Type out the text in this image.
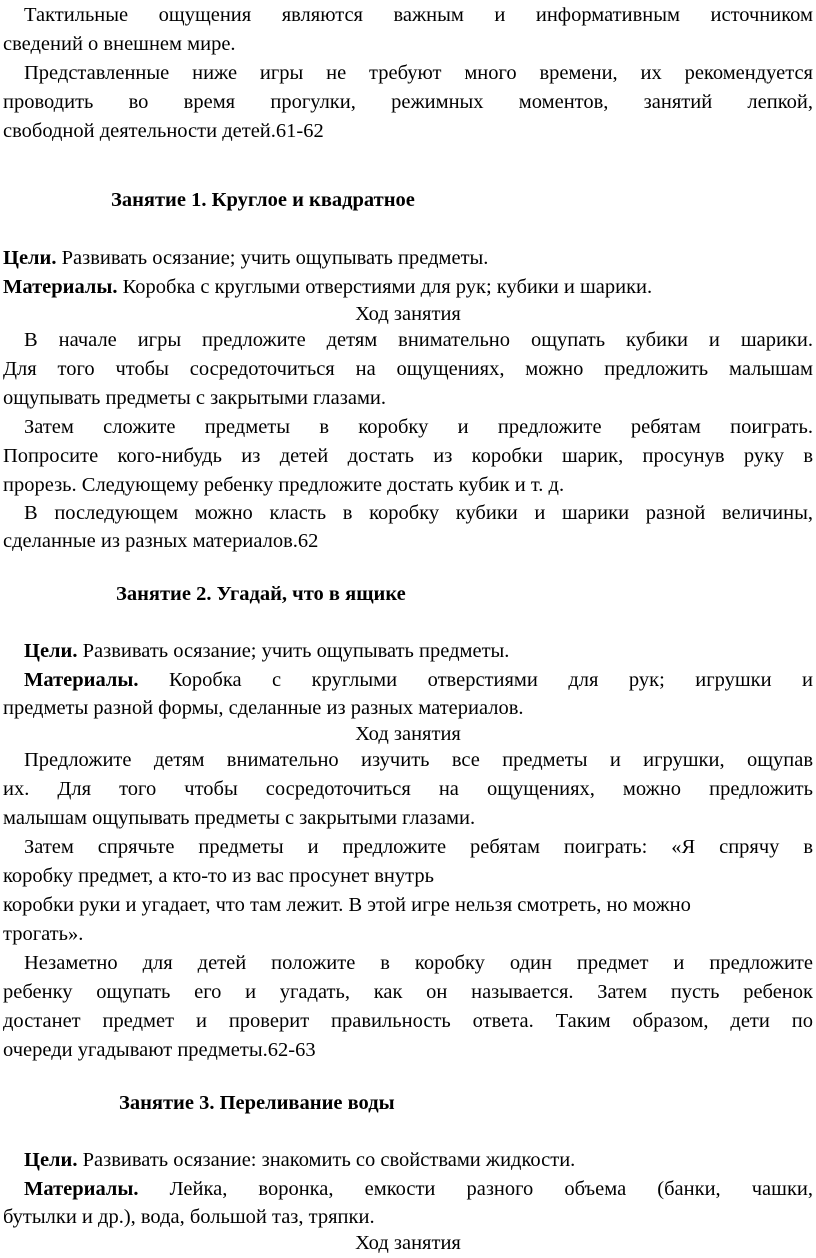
Тактильные ощущения являются важным и информативным источником
сведений о внешнем мире.
Представленные ниже игры не требуют много времени, их рекомендуется
проводить во время прогулки, режимных моментов, занятий лепкой,
свободной деятельности детей.61-62
Занятие 1. Круглое и квадратное
Цели. Развивать осязание; учить ощупывать предметы.
Материалы. Коробка с круглыми отверстиями для рук; кубики и шарики.
Ход занятия
В начале игры предложите детям внимательно ощупать кубики и шарики.
Для того чтобы сосредоточиться на ощущениях, можно предложить малышам
ощупывать предметы с закрытыми глазами.
Затем сложите предметы в коробку и предложите ребятам поиграть.
Попросите кого-нибудь из детей достать из коробки шарик, просунув руку в
прорезь. Следующему ребенку предложите достать кубик и т. д.
В последующем можно класть в коробку кубики и шарики разной величины,
сделанные из разных материалов.62
Занятие 2. Угадай, что в ящике
Цели. Развивать осязание; учить ощупывать предметы.
Материалы. Коробка с круглыми отверстиями для рук; игрушки и
предметы разной формы, сделанные из разных материалов.
Ход занятия
Предложите детям внимательно изучить все предметы и игрушки, ощупав
их. Для того чтобы сосредоточиться на ощущениях, можно предложить
малышам ощупывать предметы с закрытыми глазами.
Затем спрячьте предметы и предложите ребятам поиграть: «Я спрячу в
коробку предмет, а кто-то из вас просунет внутрь
коробки руки и угадает, что там лежит. В этой игре нельзя смотреть, но можно
трогать».
Незаметно для детей положите в коробку один предмет и предложите
ребенку ощупать его и угадать, как он называется. Затем пусть ребенок
достанет предмет и проверит правильность ответа. Таким образом, дети по
очереди угадывают предметы.62-63
Занятие 3. Переливание воды
Цели. Развивать осязание: знакомить со свойствами жидкости.
Материалы. Лейка, воронка, емкости разного объема (банки, чашки,
бутылки и др.), вода, большой таз, тряпки.
Ход занятия
